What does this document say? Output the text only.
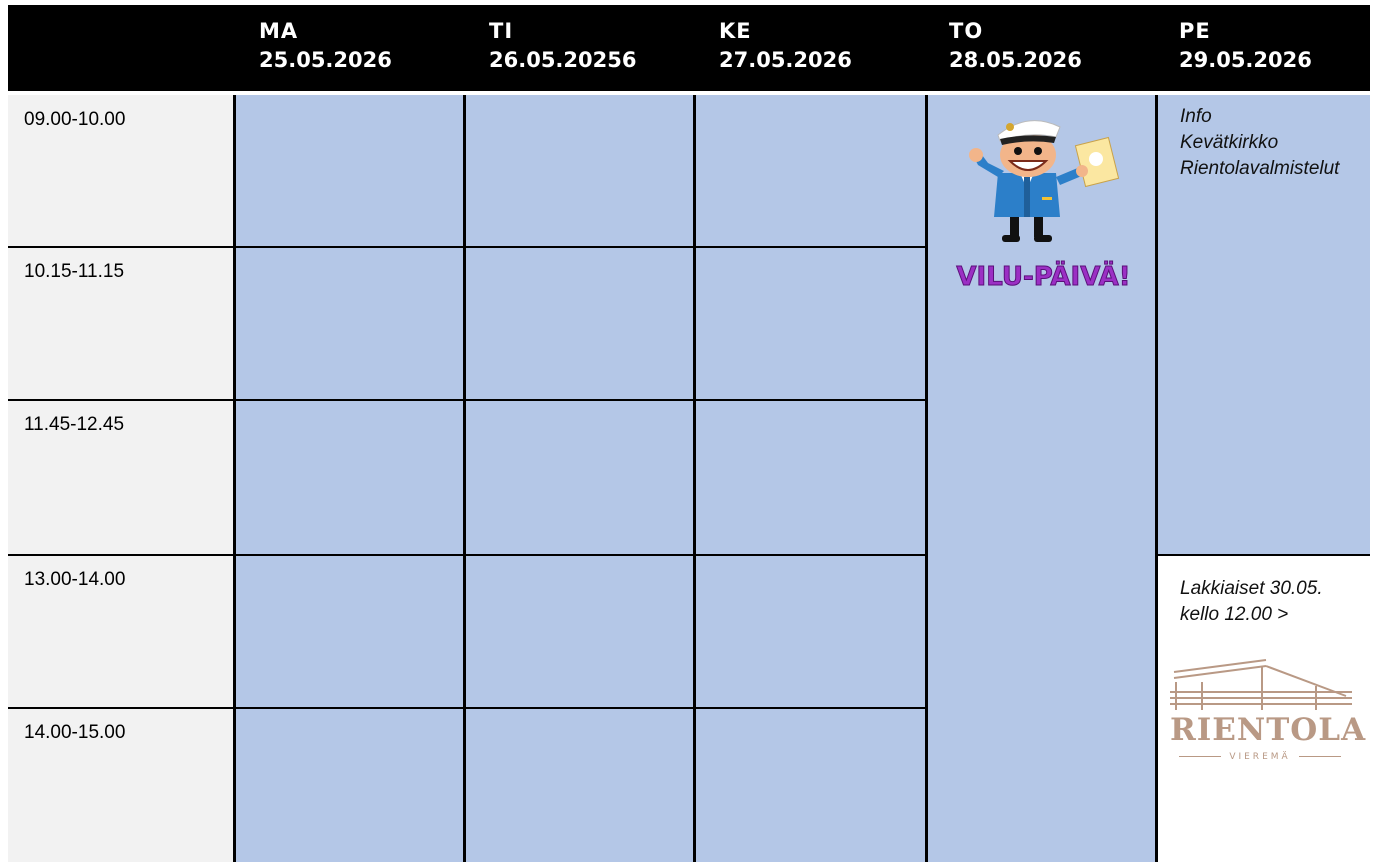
MA
25.05.2026
TI
26.05.20256
KE
27.05.2026
TO
28.05.2026
PE
29.05.2026
09.00-10.00
10.15-11.15
11.45-12.45
13.00-14.00
14.00-15.00
VILU-PÄIVÄ!
Info
Kevätkirkko
Rientolavalmistelut
Lakkiaiset 30.05.
kello 12.00 >
RIENTOLA
VIEREMÄ
